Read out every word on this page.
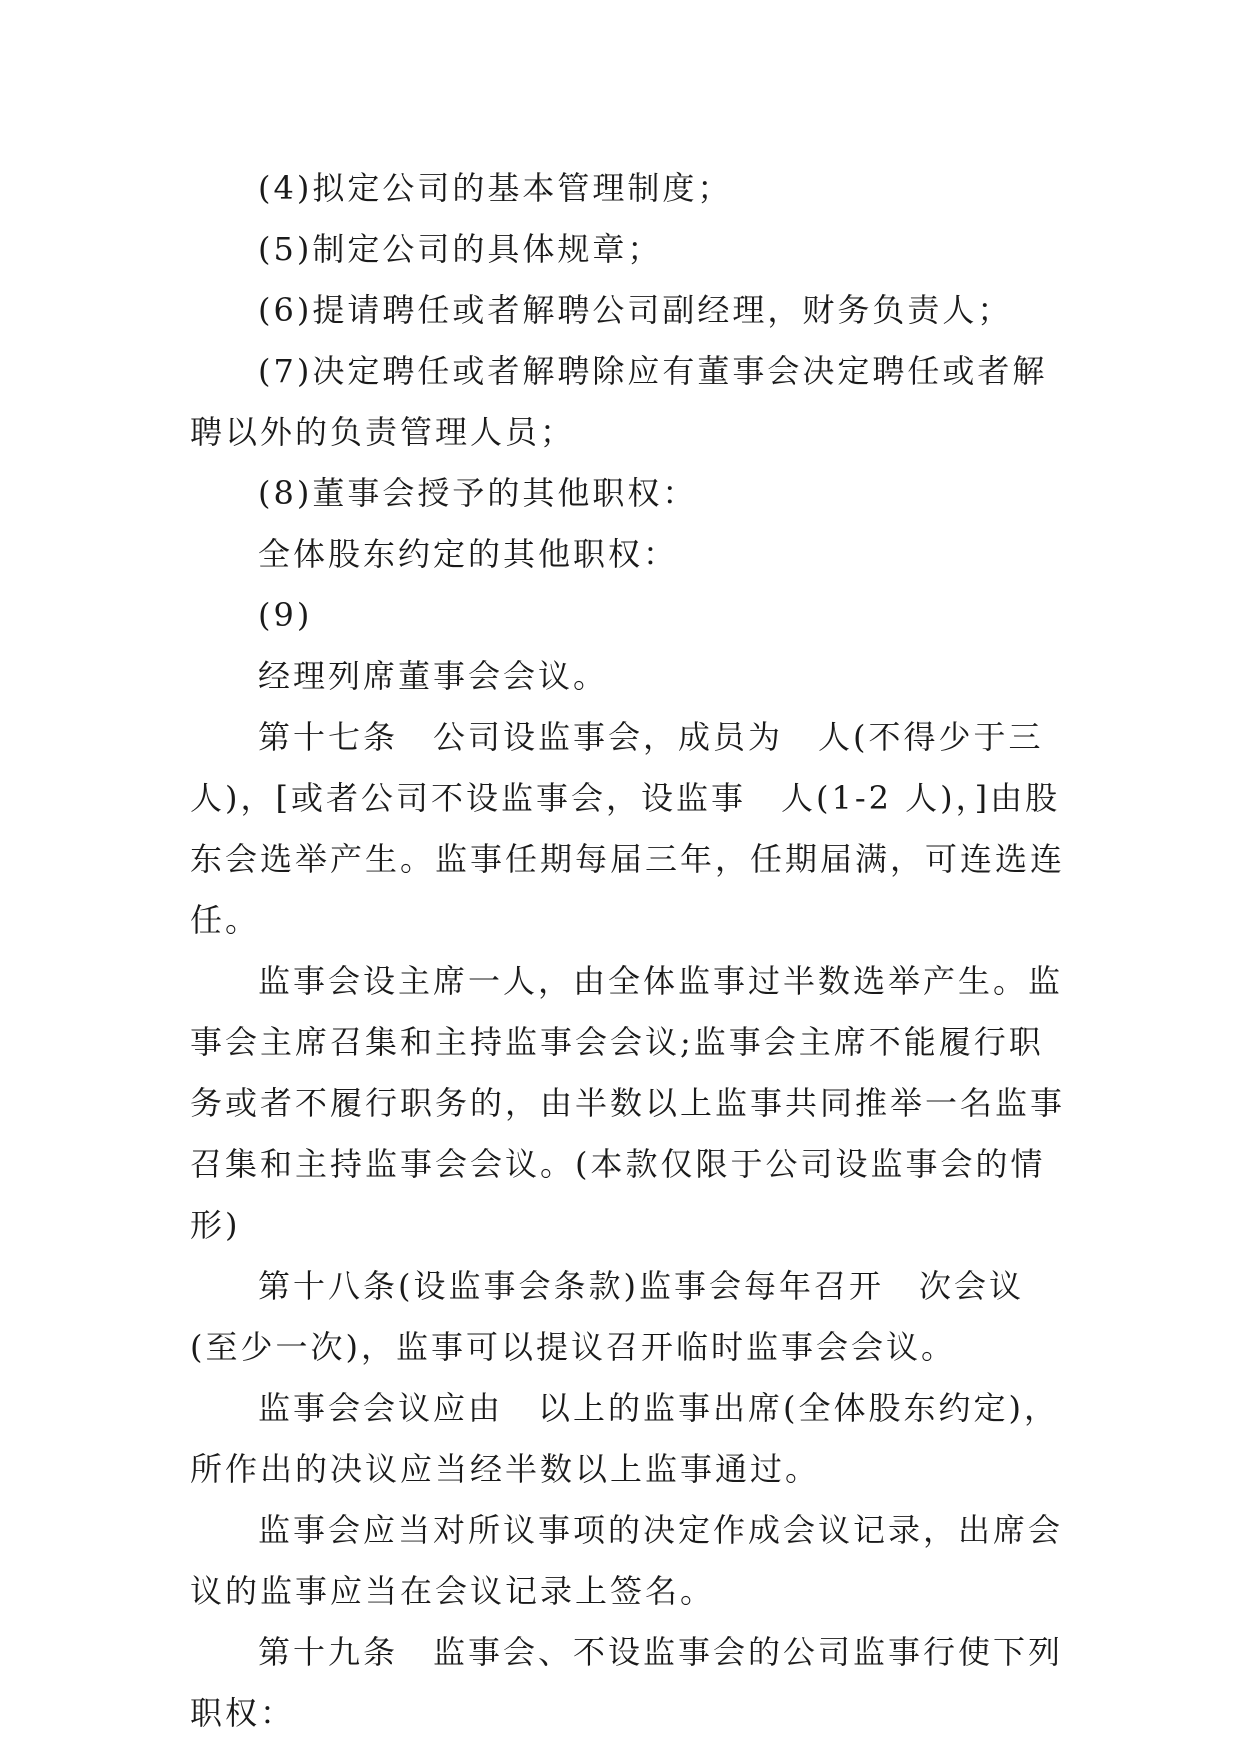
(4)拟定公司的基本管理制度；

(5)制定公司的具体规章；

(6)提请聘任或者解聘公司副经理，财务负责人；

(7)决定聘任或者解聘除应有董事会决定聘任或者解聘以外的负责管理人员；

(8)董事会授予的其他职权：

全体股东约定的其他职权：

(9)

经理列席董事会会议。

第十七条　公司设监事会，成员为　人(不得少于三人)，[或者公司不设监事会，设监事　人(1-2 人)，]由股东会选举产生。监事任期每届三年，任期届满，可连选连任。

监事会设主席一人，由全体监事过半数选举产生。监事会主席召集和主持监事会会议;监事会主席不能履行职务或者不履行职务的，由半数以上监事共同推举一名监事召集和主持监事会会议。(本款仅限于公司设监事会的情形)

第十八条(设监事会条款)监事会每年召开　次会议(至少一次)，监事可以提议召开临时监事会会议。

监事会会议应由　以上的监事出席(全体股东约定)，所作出的决议应当经半数以上监事通过。

监事会应当对所议事项的决定作成会议记录，出席会议的监事应当在会议记录上签名。

第十九条　监事会、不设监事会的公司监事行使下列职权：
